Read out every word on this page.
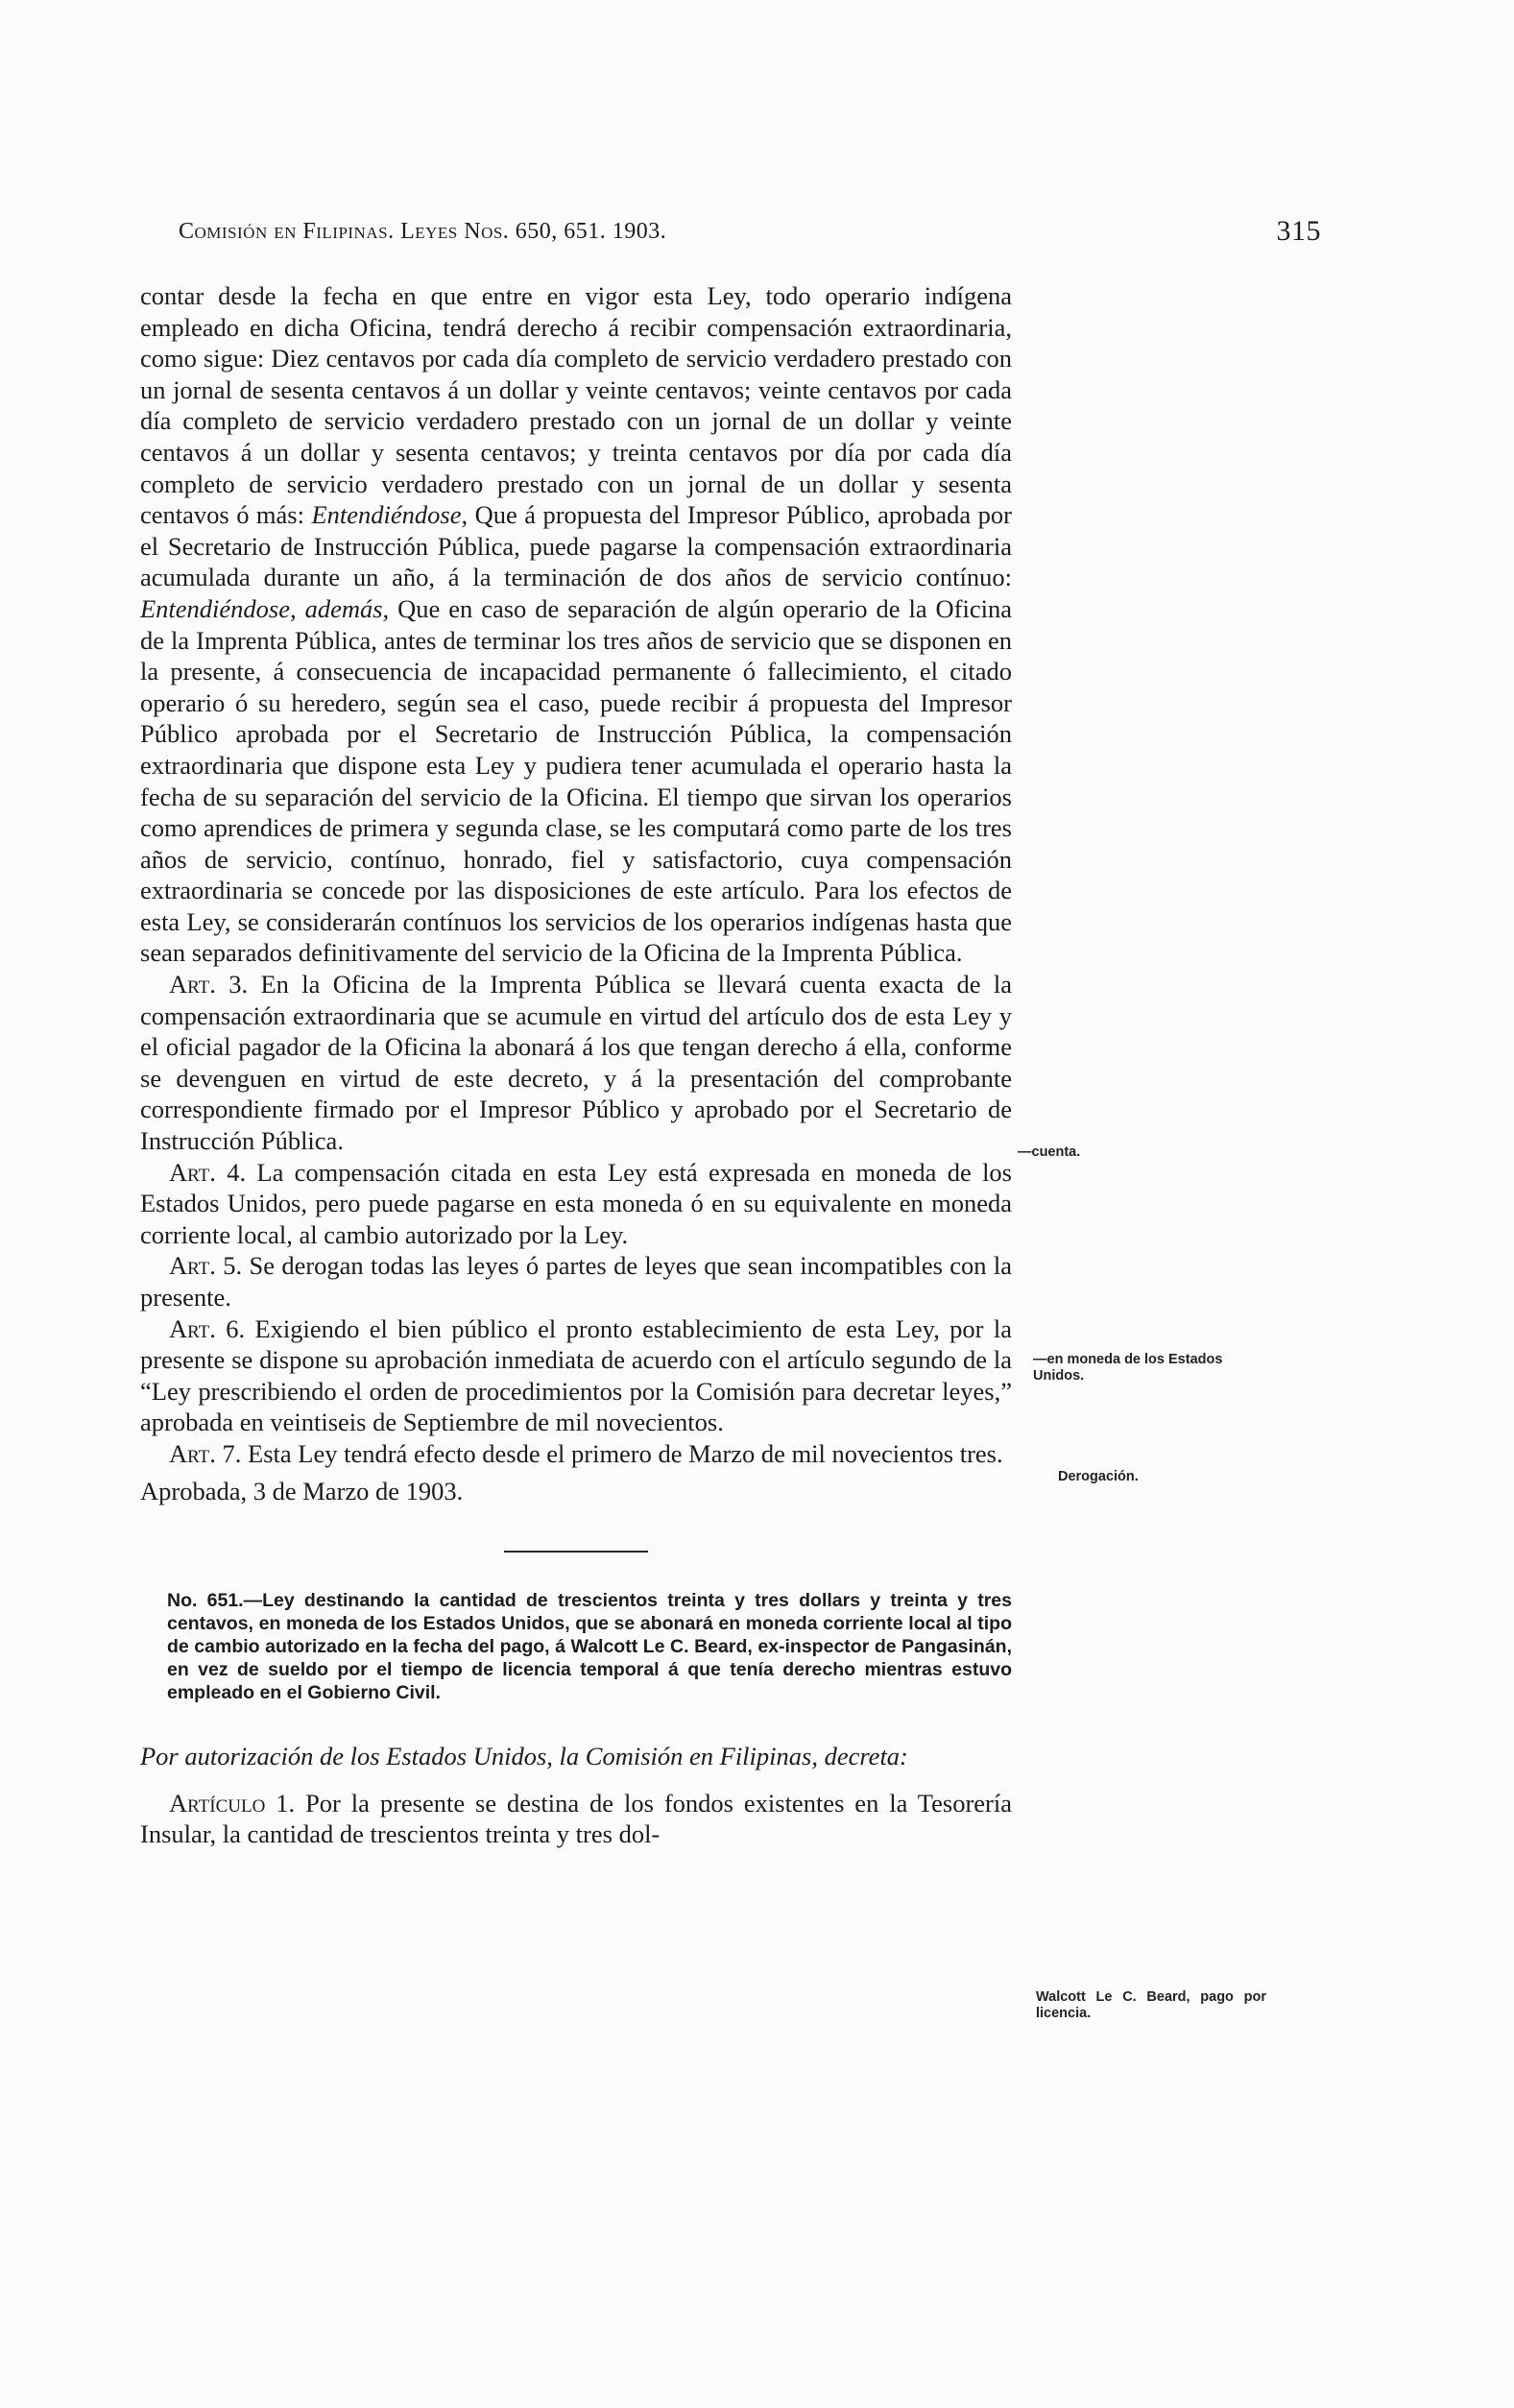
Comisión en Filipinas. Leyes Nos. 650, 651. 1903.	315

contar desde la fecha en que entre en vigor esta Ley, todo operario indígena empleado en dicha Oficina, tendrá derecho á recibir compensación extraordinaria, como sigue: Diez centavos por cada día completo de servicio verdadero prestado con un jornal de sesenta centavos á un dollar y veinte centavos; veinte centavos por cada día completo de servicio verdadero prestado con un jornal de un dollar y veinte centavos á un dollar y sesenta centavos; y treinta centavos por día por cada día completo de servicio verdadero prestado con un jornal de un dollar y sesenta centavos ó más: Entendiéndose, Que á propuesta del Impresor Público, aprobada por el Secretario de Instrucción Pública, puede pagarse la compensación extraordinaria acumulada durante un año, á la terminación de dos años de servicio contínuo: Entendiéndose, además, Que en caso de separación de algún operario de la Oficina de la Imprenta Pública, antes de terminar los tres años de servicio que se disponen en la presente, á consecuencia de incapacidad permanente ó fallecimiento, el citado operario ó su heredero, según sea el caso, puede recibir á propuesta del Impresor Público aprobada por el Secretario de Instrucción Pública, la compensación extraordinaria que dispone esta Ley y pudiera tener acumulada el operario hasta la fecha de su separación del servicio de la Oficina. El tiempo que sirvan los operarios como aprendices de primera y segunda clase, se les computará como parte de los tres años de servicio, contínuo, honrado, fiel y satisfactorio, cuya compensación extraordinaria se concede por las disposiciones de este artículo. Para los efectos de esta Ley, se considerarán contínuos los servicios de los operarios indígenas hasta que sean separados definitivamente del servicio de la Oficina de la Imprenta Pública.

Art. 3. En la Oficina de la Imprenta Pública se llevará cuenta exacta de la compensación extraordinaria que se acumule en virtud del artículo dos de esta Ley y el oficial pagador de la Oficina la abonará á los que tengan derecho á ella, conforme se devenguen en virtud de este decreto, y á la presentación del comprobante correspondiente firmado por el Impresor Público y aprobado por el Secretario de Instrucción Pública.

Art. 4. La compensación citada en esta Ley está expresada en moneda de los Estados Unidos, pero puede pagarse en esta moneda ó en su equivalente en moneda corriente local, al cambio autorizado por la Ley.

Art. 5. Se derogan todas las leyes ó partes de leyes que sean incompatibles con la presente.

Art. 6. Exigiendo el bien público el pronto establecimiento de esta Ley, por la presente se dispone su aprobación inmediata de acuerdo con el artículo segundo de la “Ley prescribiendo el orden de procedimientos por la Comisión para decretar leyes,” aprobada en veintiseis de Septiembre de mil novecientos.

Art. 7. Esta Ley tendrá efecto desde el primero de Marzo de mil novecientos tres.

Aprobada, 3 de Marzo de 1903.

No. 651.—Ley destinando la cantidad de trescientos treinta y tres dollars y treinta y tres centavos, en moneda de los Estados Unidos, que se abonará en moneda corriente local al tipo de cambio autorizado en la fecha del pago, á Walcott Le C. Beard, ex-inspector de Pangasinán, en vez de sueldo por el tiempo de licencia temporal á que tenía derecho mientras estuvo empleado en el Gobierno Civil.

Por autorización de los Estados Unidos, la Comisión en Filipinas, decreta:

Artículo 1. Por la presente se destina de los fondos existentes en la Tesorería Insular, la cantidad de trescientos treinta y tres dol-

—cuenta.
—en moneda de los Estados Unidos.
Derogación.
Walcott Le C. Beard, pago por licencia.
